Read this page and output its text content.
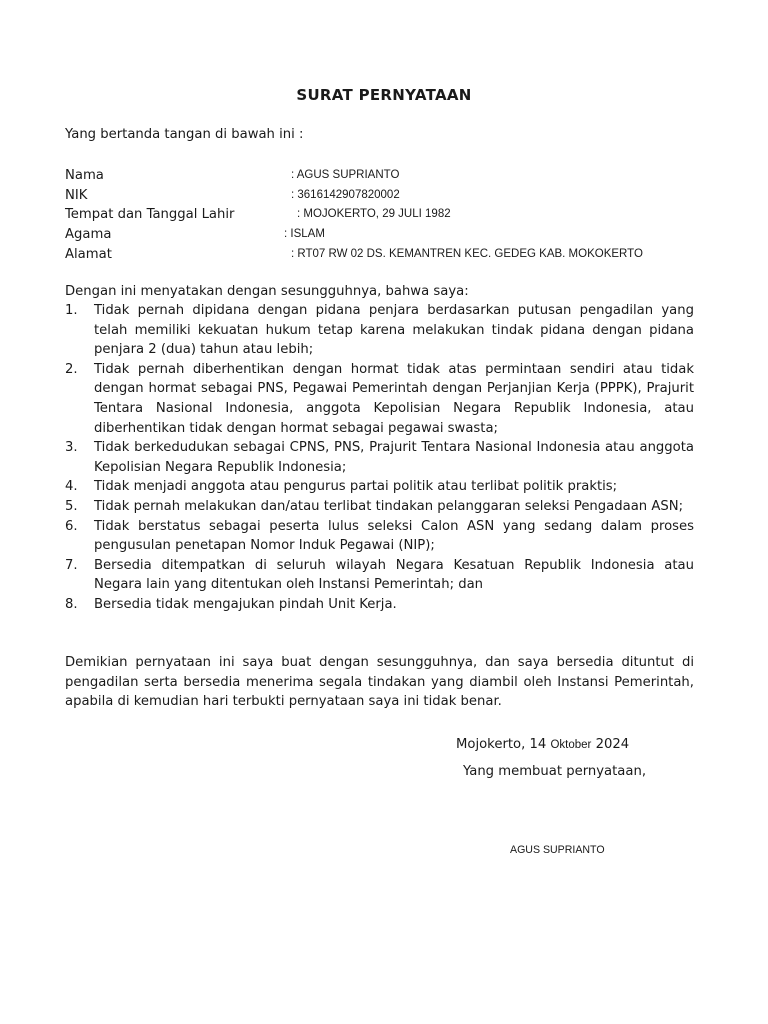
SURAT PERNYATAAN
Yang bertanda tangan di bawah ini :
Nama	: AGUS SUPRIANTO
NIK	: 3616142907820002
Tempat dan Tanggal Lahir	: MOJOKERTO, 29 JULI 1982
Agama	: ISLAM
Alamat	: RT07 RW 02 DS. KEMANTREN KEC. GEDEG KAB. MOKOKERTO
Dengan ini menyatakan dengan sesungguhnya, bahwa saya:
1. Tidak pernah dipidana dengan pidana penjara berdasarkan putusan pengadilan yang telah memiliki kekuatan hukum tetap karena melakukan tindak pidana dengan pidana penjara 2 (dua) tahun atau lebih;
2. Tidak pernah diberhentikan dengan hormat tidak atas permintaan sendiri atau tidak dengan hormat sebagai PNS, Pegawai Pemerintah dengan Perjanjian Kerja (PPPK), Prajurit Tentara Nasional Indonesia, anggota Kepolisian Negara Republik Indonesia, atau diberhentikan tidak dengan hormat sebagai pegawai swasta;
3. Tidak berkedudukan sebagai CPNS, PNS, Prajurit Tentara Nasional Indonesia atau anggota Kepolisian Negara Republik Indonesia;
4. Tidak menjadi anggota atau pengurus partai politik atau terlibat politik praktis;
5. Tidak pernah melakukan dan/atau terlibat tindakan pelanggaran seleksi Pengadaan ASN;
6. Tidak berstatus sebagai peserta lulus seleksi Calon ASN yang sedang dalam proses pengusulan penetapan Nomor Induk Pegawai (NIP);
7. Bersedia ditempatkan di seluruh wilayah Negara Kesatuan Republik Indonesia atau Negara lain yang ditentukan oleh Instansi Pemerintah; dan
8. Bersedia tidak mengajukan pindah Unit Kerja.
Demikian pernyataan ini saya buat dengan sesungguhnya, dan saya bersedia dituntut di pengadilan serta bersedia menerima segala tindakan yang diambil oleh Instansi Pemerintah, apabila di kemudian hari terbukti pernyataan saya ini tidak benar.
Mojokerto, 14 Oktober 2024
Yang membuat pernyataan,
AGUS SUPRIANTO
